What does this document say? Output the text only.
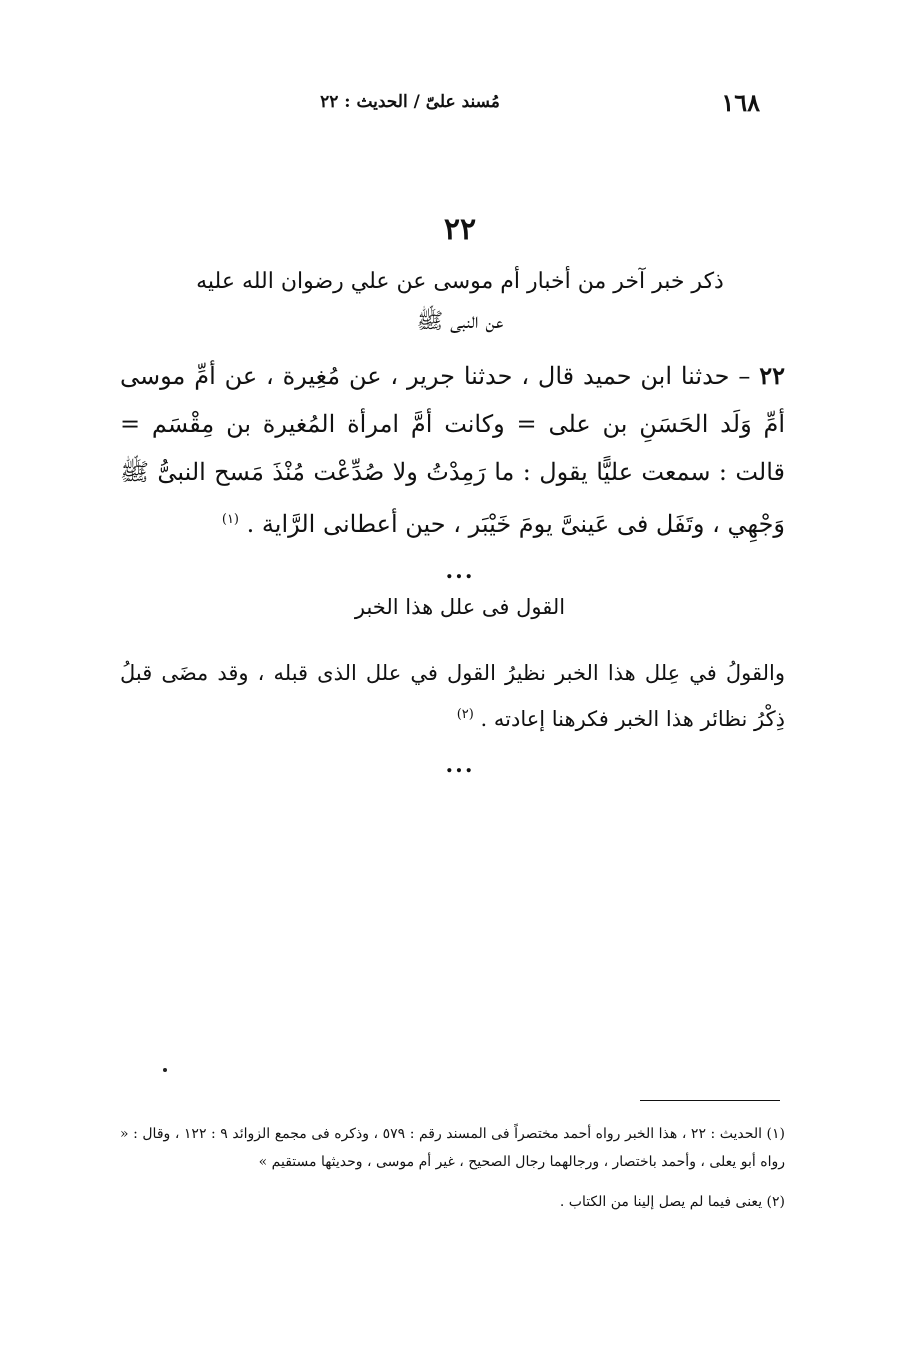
١٦٨
مُسند علىّ / الحديث : ٢٢
٢٢
ذكر خبر آخر من أخبار أم موسى عن علي رضوان الله عليه
عن النبى ﷺ
٢٢ – حدثنا ابن حميد قال ، حدثنا جرير ، عن مُغِيرة ، عن أمِّ موسى أمِّ وَلَد الحَسَنِ بن على = وكانت أمَّ امرأة المُغيرة بن مِقْسَم = قالت : سمعت عليًّا يقول : ما رَمِدْتُ ولا صُدِّعْت مُنْذَ مَسح النبىُّ ﷺ وَجْهِي ، وتَفَل فى عَينىَّ يومَ خَيْبَر ، حين أعطانى الرَّاية . $^{(١)}$
...
القول فى علل هذا الخبر
والقولُ في عِلل هذا الخبر نظيرُ القول في علل الذى قبله ، وقد مضَى قبلُ ذِكْرُ نظائر هذا الخبر فكرهنا إعادته . $^{(٢)}$
...

(١) الحديث : ٢٢ ، هذا الخبر رواه أحمد مختصراً فى المسند رقم : ٥٧٩ ، وذكره فى مجمع الزوائد ٩ : ١٢٢ ، وقال : « رواه أبو يعلى ، وأحمد باختصار ، ورجالهما رجال الصحيح ، غير أم موسى ، وحديثها مستقيم »

(٢) يعنى فيما لم يصل إلينا من الكتاب .
